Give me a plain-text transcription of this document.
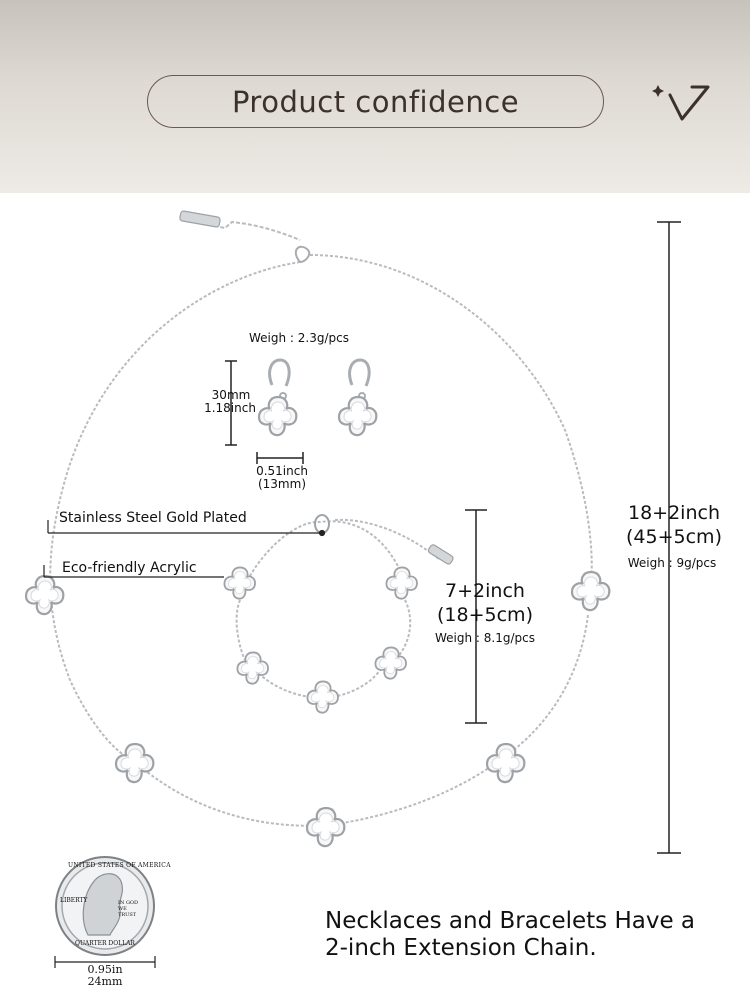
Product confidence
Weigh : 2.3g/pcs
30mm
1.18inch
0.51inch
(13mm)
Stainless Steel Gold Plated
Eco-friendly Acrylic
7+2inch
(18+5cm)
Weigh : 8.1g/pcs
18+2inch
(45+5cm)
Weigh : 9g/pcs
UNITED STATES OF AMERICA
LIBERTY	IN GOD WE TRUST
QUARTER DOLLAR
0.95in
24mm
Necklaces and Bracelets Have a
2-inch Extension Chain.
